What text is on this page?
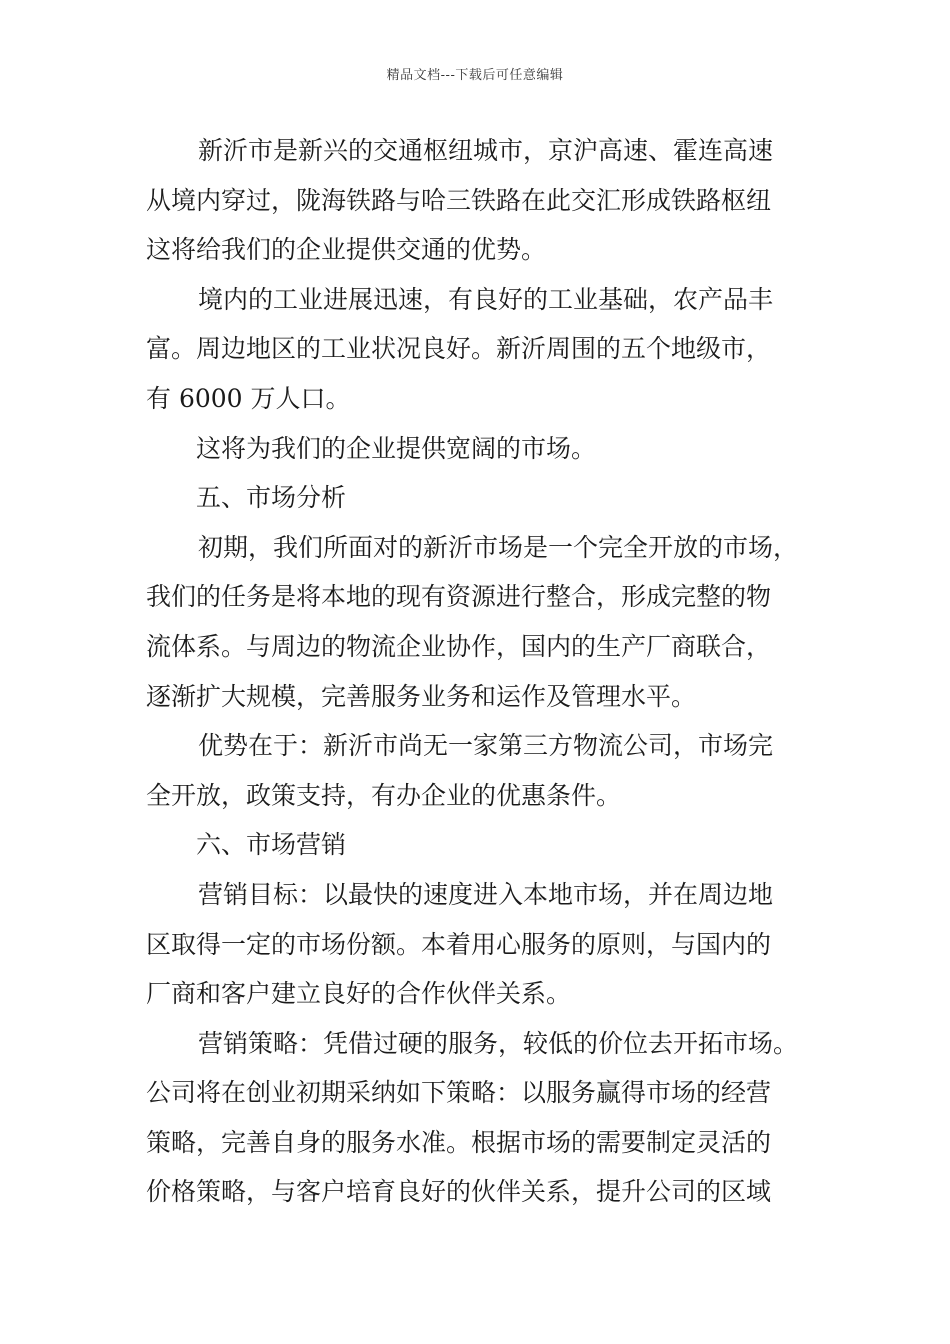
精品文档---下载后可任意编辑
新沂市是新兴的交通枢纽城市，京沪高速、霍连高速
从境内穿过，陇海铁路与哈三铁路在此交汇形成铁路枢纽
这将给我们的企业提供交通的优势。
境内的工业进展迅速，有良好的工业基础，农产品丰
富。周边地区的工业状况良好。新沂周围的五个地级市，
有 6000 万人口。
这将为我们的企业提供宽阔的市场。
五、市场分析
初期，我们所面对的新沂市场是一个完全开放的市场，
我们的任务是将本地的现有资源进行整合，形成完整的物
流体系。与周边的物流企业协作，国内的生产厂商联合，
逐渐扩大规模，完善服务业务和运作及管理水平。
优势在于：新沂市尚无一家第三方物流公司，市场完
全开放，政策支持，有办企业的优惠条件。
六、市场营销
营销目标：以最快的速度进入本地市场，并在周边地
区取得一定的市场份额。本着用心服务的原则，与国内的
厂商和客户建立良好的合作伙伴关系。
营销策略：凭借过硬的服务，较低的价位去开拓市场。
公司将在创业初期采纳如下策略：以服务赢得市场的经营
策略，完善自身的服务水准。根据市场的需要制定灵活的
价格策略，与客户培育良好的伙伴关系，提升公司的区域
